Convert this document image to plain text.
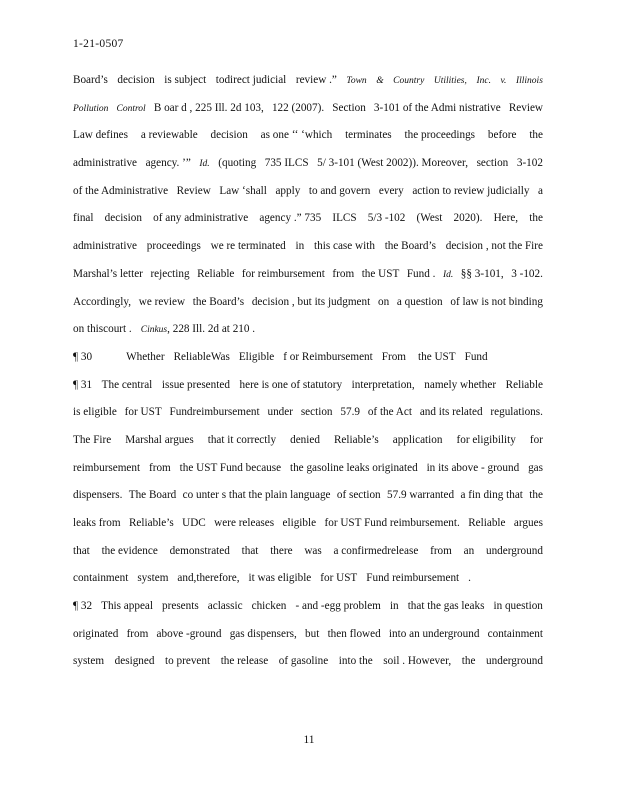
1-21-0507
Board’s decision is subject todirect judicial review .” Town & Country Utilities, Inc. v. Illinois
Pollution Control B oar d , 225 Ill. 2d 103, 122 (2007). Section 3-101 of the Admi nistrative Review
Law defines a reviewable decision as one ‘‘ ‘which terminates the proceedings before the
administrative agency. ’” Id. (quoting 735 ILCS 5/ 3-101 (West 2002)). Moreover, section 3-102
of the Administrative Review Law ‘shall apply to and govern every action to review judicially a
final decision of any administrative agency .” 735 ILCS 5/3 -102 (West 2020). Here, the
administrative proceedings we re terminated in this case with the Board’s decision , not the Fire
Marshal’s letter rejecting Reliable for reimbursement from the UST Fund . Id. §§ 3-101, 3 -102.
Accordingly, we review the Board’s decision , but its judgment on a question of law is not binding
on thiscourt . Cinkus , 228 Ill. 2d at 210 .
¶ 30	Whether ReliableWas Eligible f or Reimbursement From the UST Fund
¶ 31 The central issue presented here is one of statutory interpretation, namely whether Reliable
is eligible for UST Fundreimbursement under section 57.9 of the Act and its related regulations.
The Fire Marshal argues that it correctly denied Reliable’s application for eligibility for
reimbursement from the UST Fund because the gasoline leaks originated in its above - ground gas
dispensers. The Board co unter s that the plain language of section 57.9 warranted a fin ding that the
leaks from Reliable’s UDC were releases eligible for UST Fund reimbursement. Reliable argues
that the evidence demonstrated that there was a confirmedrelease from an underground
containment system and,therefore, it was eligible for UST Fund reimbursement .
¶ 32 This appeal presents aclassic chicken - and -egg problem in that the gas leaks in question
originated from above -ground gas dispensers, but then flowed into an underground containment
system designed to prevent the release of gasoline into the soil . However, the underground
11
